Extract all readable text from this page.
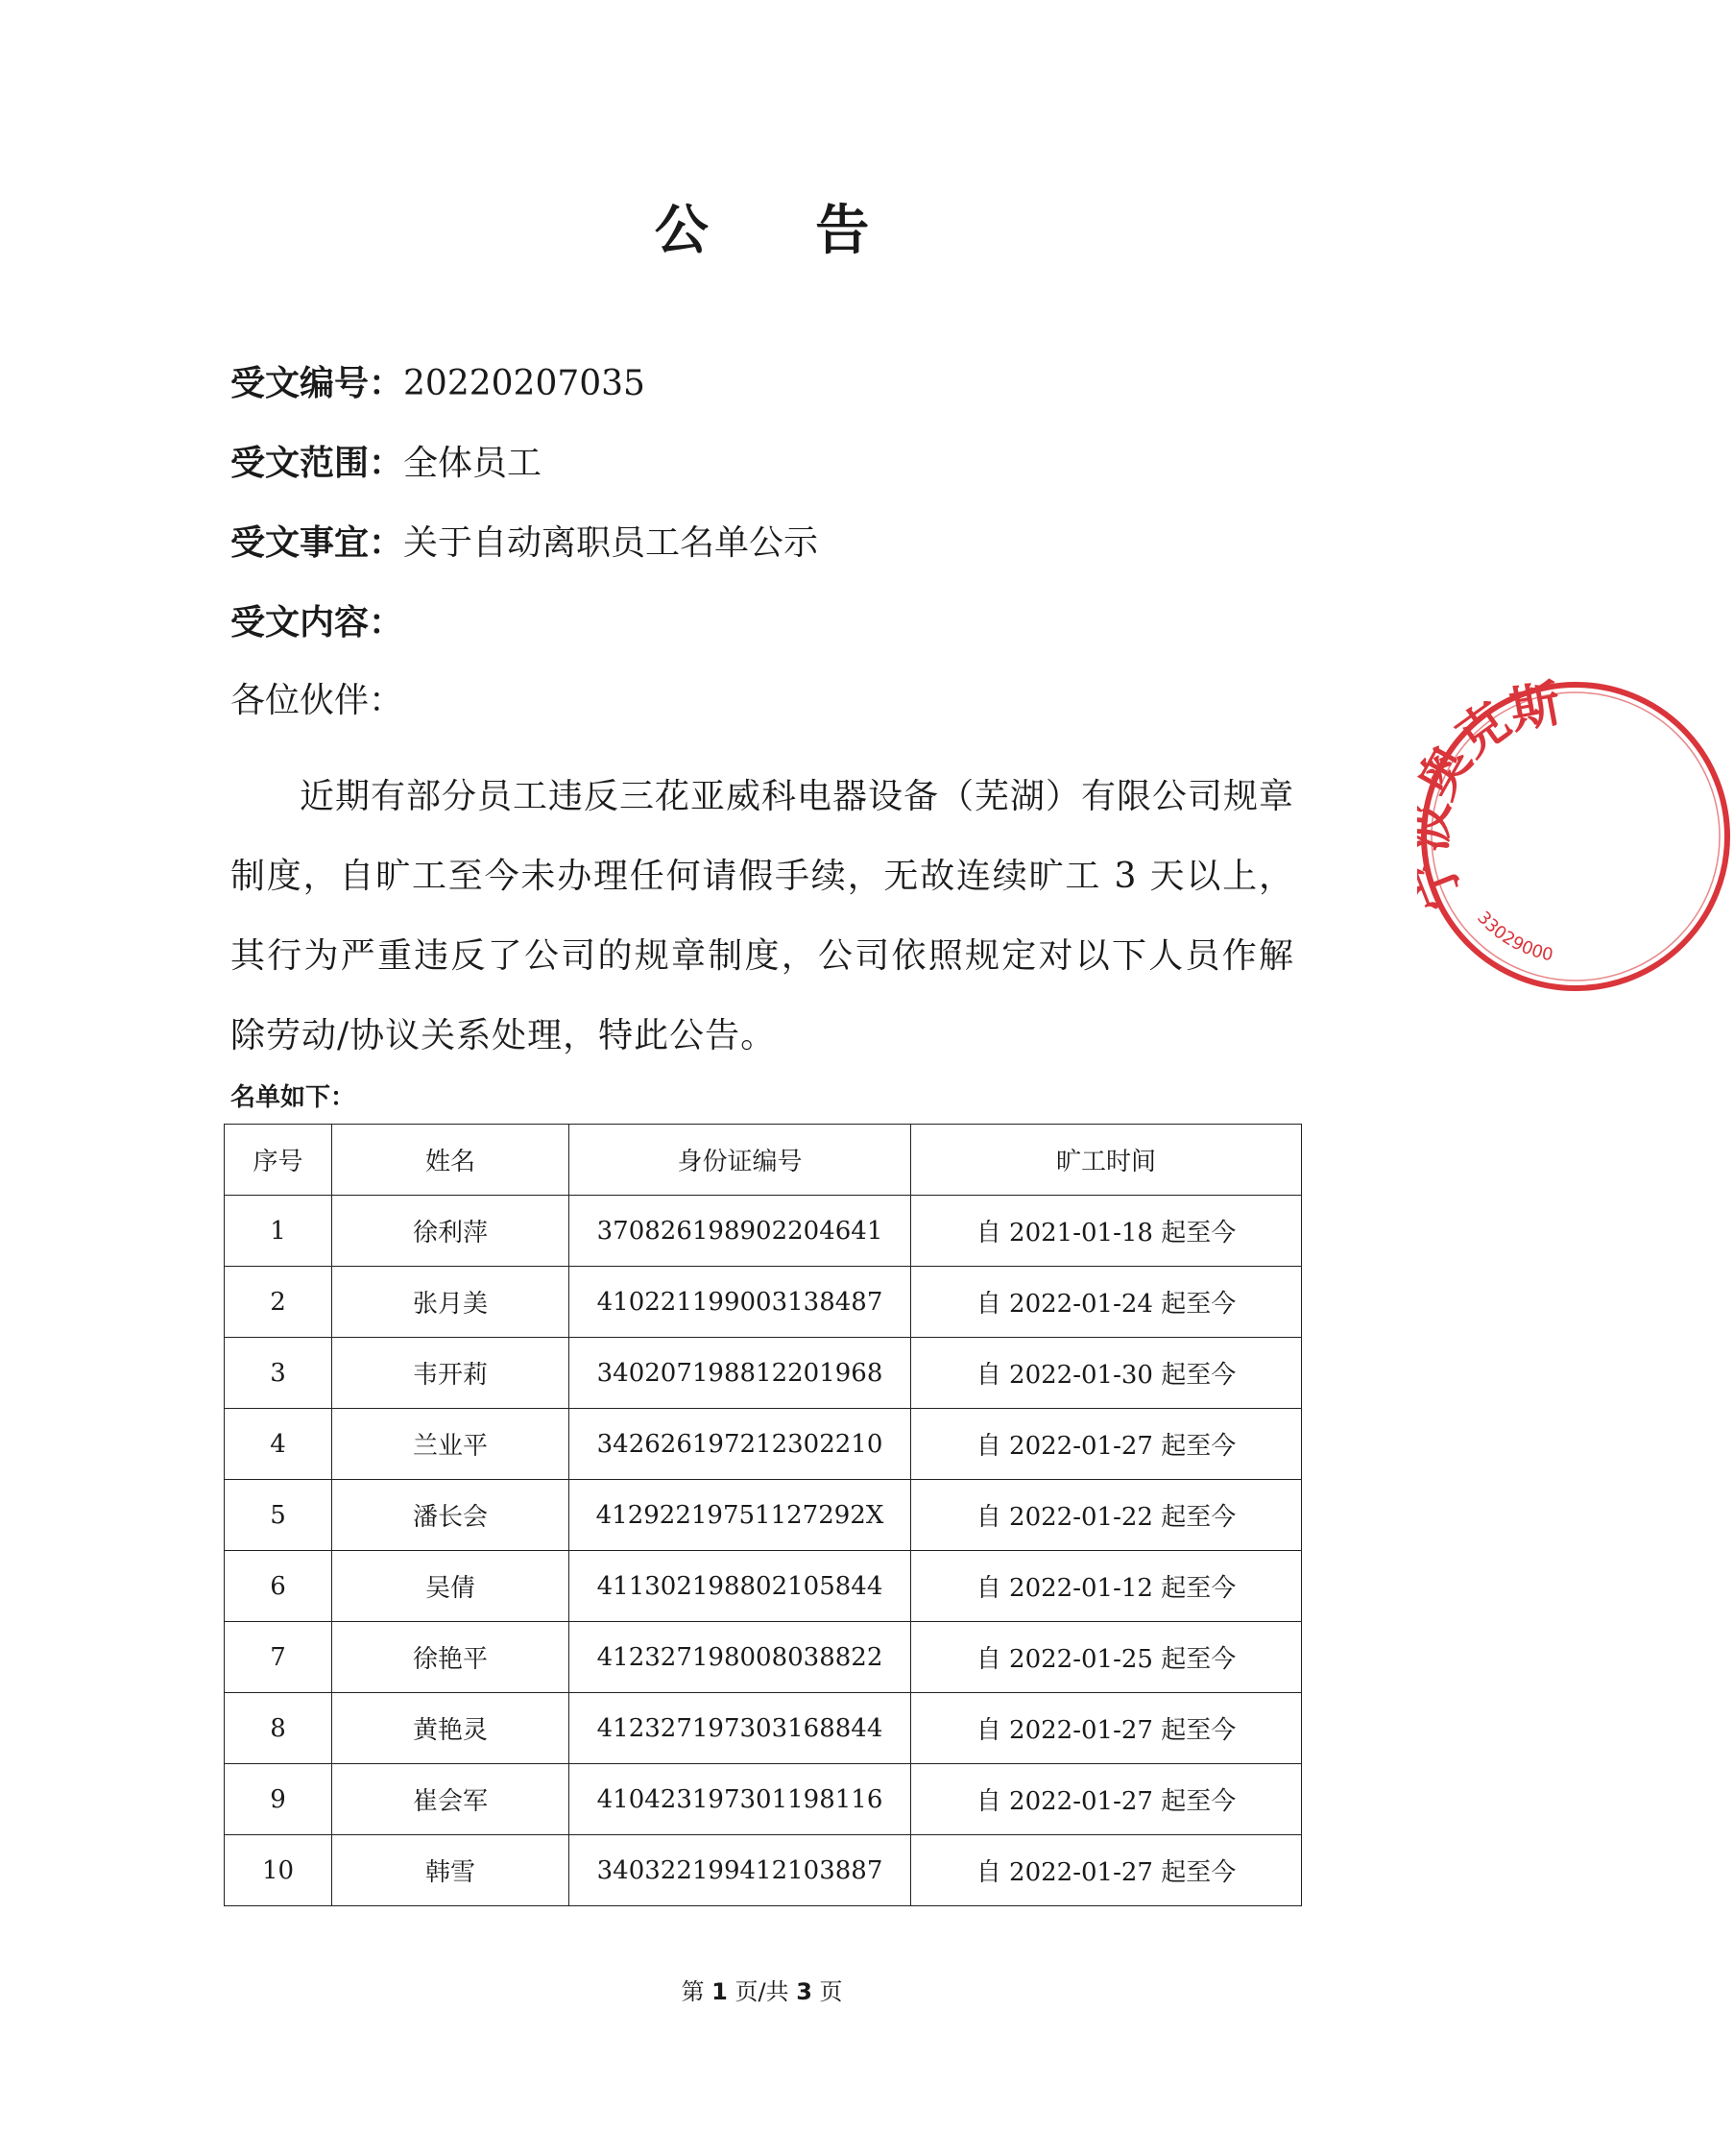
公 告
受文编号：20220207035
受文范围：全体员工
受文事宜：关于自动离职员工名单公示
受文内容：
各位伙伴：
近期有部分员工违反三花亚威科电器设备（芜湖）有限公司规章制度，自旷工至今未办理任何请假手续，无故连续旷工 3 天以上，其行为严重违反了公司的规章制度，公司依照规定对以下人员作解除劳动/协议关系处理，特此公告。
名单如下：
序号	姓名	身份证编号	旷工时间
1	徐利萍	370826198902204641	自 2021-01-18 起至今
2	张月美	410221199003138487	自 2022-01-24 起至今
3	韦开莉	340207198812201968	自 2022-01-30 起至今
4	兰业平	342626197212302210	自 2022-01-27 起至今
5	潘长会	41292219751127292X	自 2022-01-22 起至今
6	吴倩	411302198802105844	自 2022-01-12 起至今
7	徐艳平	412327198008038822	自 2022-01-25 起至今
8	黄艳灵	412327197303168844	自 2022-01-27 起至今
9	崔会军	410423197301198116	自 2022-01-27 起至今
10	韩雪	340322199412103887	自 2022-01-27 起至今
第 1 页/共 3 页
克斯
33029000
